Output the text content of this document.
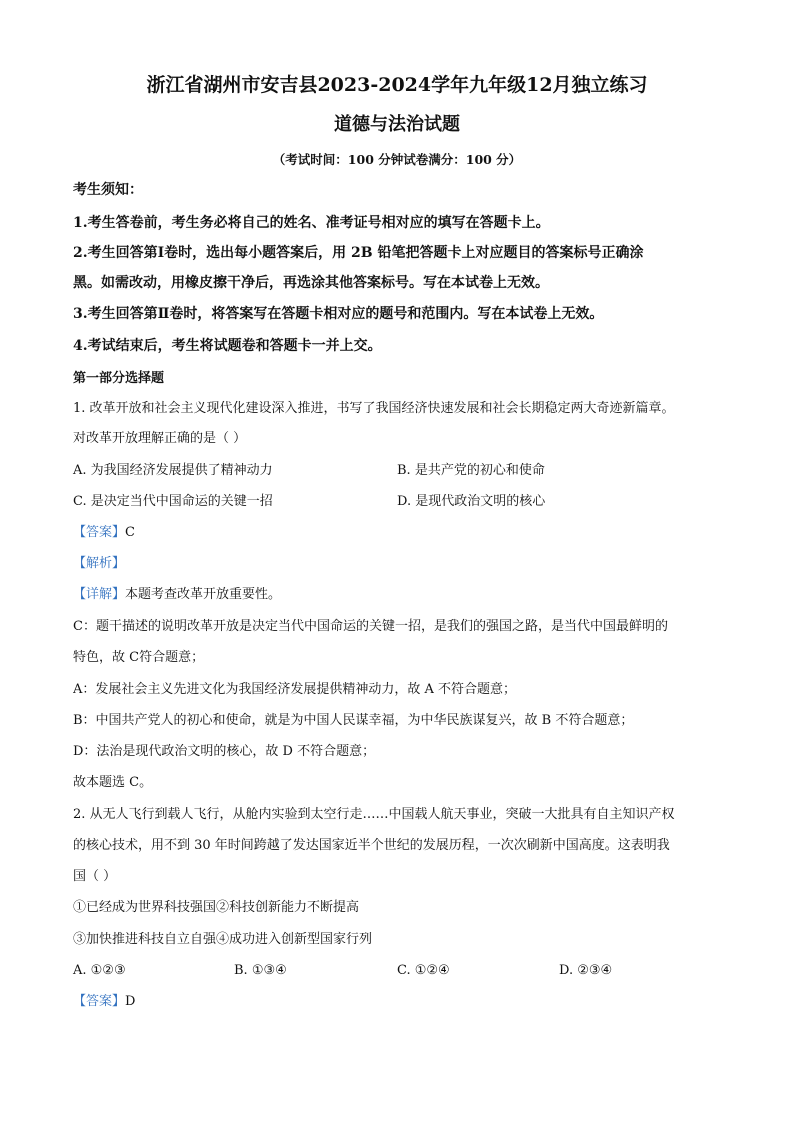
浙江省湖州市安吉县2023-2024学年九年级12月独立练习
道德与法治试题
（考试时间：100 分钟试卷满分：100 分）
考生须知：
1.考生答卷前，考生务必将自己的姓名、准考证号相对应的填写在答题卡上。
2.考生回答第Ⅰ卷时，选出每小题答案后，用 2B 铅笔把答题卡上对应题目的答案标号正确涂
黑。如需改动，用橡皮擦干净后，再选涂其他答案标号。写在本试卷上无效。
3.考生回答第Ⅱ卷时，将答案写在答题卡相对应的题号和范围内。写在本试卷上无效。
4.考试结束后，考生将试题卷和答题卡一并上交。
第一部分选择题
1. 改革开放和社会主义现代化建设深入推进，书写了我国经济快速发展和社会长期稳定两大奇迹新篇章。
对改革开放理解正确的是（ ）
A. 为我国经济发展提供了精神动力	B. 是共产党的初心和使命
C. 是决定当代中国命运的关键一招	D. 是现代政治文明的核心
【答案】C
【解析】
【详解】本题考查改革开放重要性。
C：题干描述的说明改革开放是决定当代中国命运的关键一招，是我们的强国之路，是当代中国最鲜明的
特色，故 C符合题意；
A：发展社会主义先进文化为我国经济发展提供精神动力，故 A 不符合题意；
B：中国共产党人的初心和使命，就是为中国人民谋幸福，为中华民族谋复兴，故 B 不符合题意；
D：法治是现代政治文明的核心，故 D 不符合题意；
故本题选 C。
2. 从无人飞行到载人飞行，从舱内实验到太空行走……中国载人航天事业，突破一大批具有自主知识产权
的核心技术，用不到 30 年时间跨越了发达国家近半个世纪的发展历程，一次次刷新中国高度。这表明我
国（ ）
①已经成为世界科技强国②科技创新能力不断提高
③加快推进科技自立自强④成功进入创新型国家行列
A. ①②③	B. ①③④	C. ①②④	D. ②③④
【答案】D
